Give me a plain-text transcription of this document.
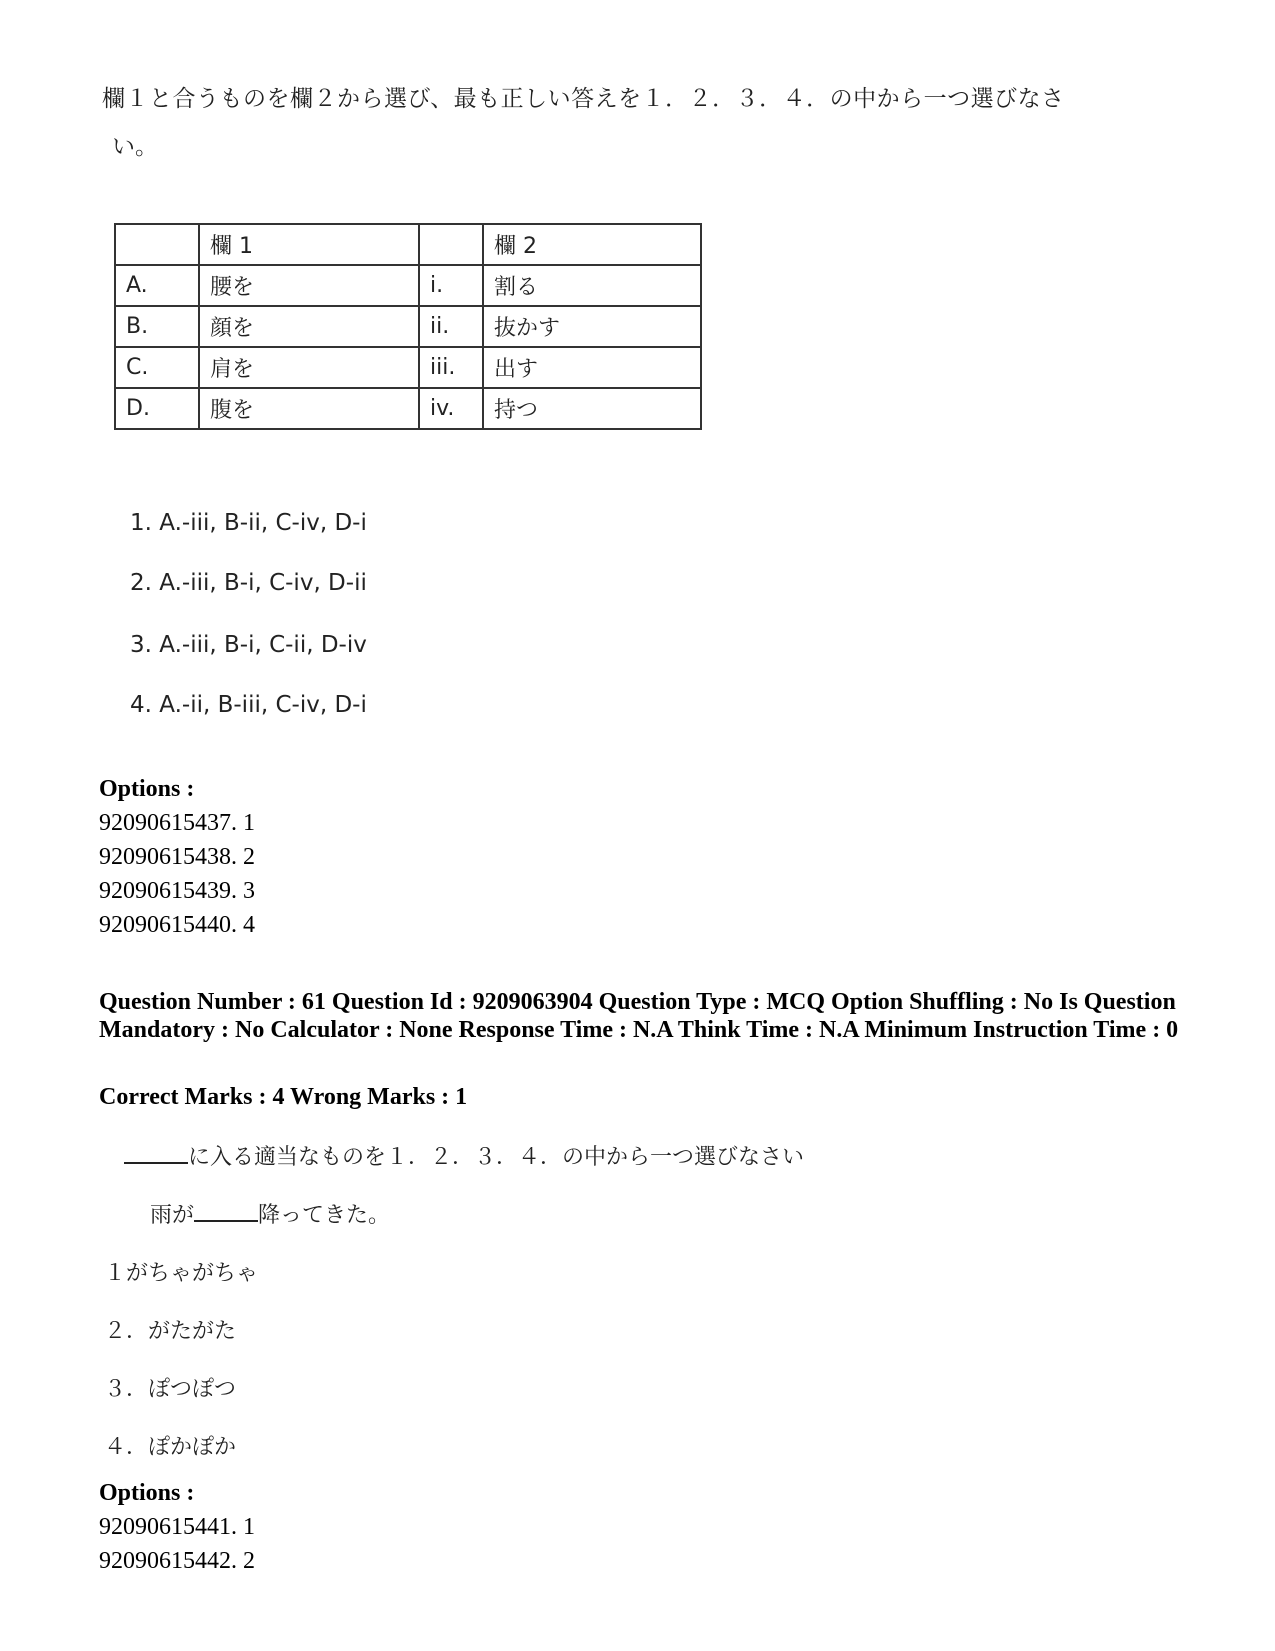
欄１と合うものを欄２から選び、最も正しい答えを１．２．３．４．の中から一つ選びなさ
い。
	欄 1		欄 2
A.	腰を	i.	割る
B.	顔を	ii.	抜かす
C.	肩を	iii.	出す
D.	腹を	iv.	持つ
1. A.-iii, B-ii, C-iv, D-i
2. A.-iii, B-i, C-iv, D-ii
3. A.-iii, B-i, C-ii, D-iv
4. A.-ii, B-iii, C-iv, D-i
Options :
92090615437. 1
92090615438. 2
92090615439. 3
92090615440. 4
Question Number : 61 Question Id : 9209063904 Question Type : MCQ Option Shuffling : No Is Question Mandatory : No Calculator : None Response Time : N.A Think Time : N.A Minimum Instruction Time : 0
Correct Marks : 4 Wrong Marks : 1
に入る適当なものを１．２．３．４．の中から一つ選びなさい
雨が	降ってきた。
１がちゃがちゃ
２．がたがた
３．ぽつぽつ
４．ぽかぽか
Options :
92090615441. 1
92090615442. 2
